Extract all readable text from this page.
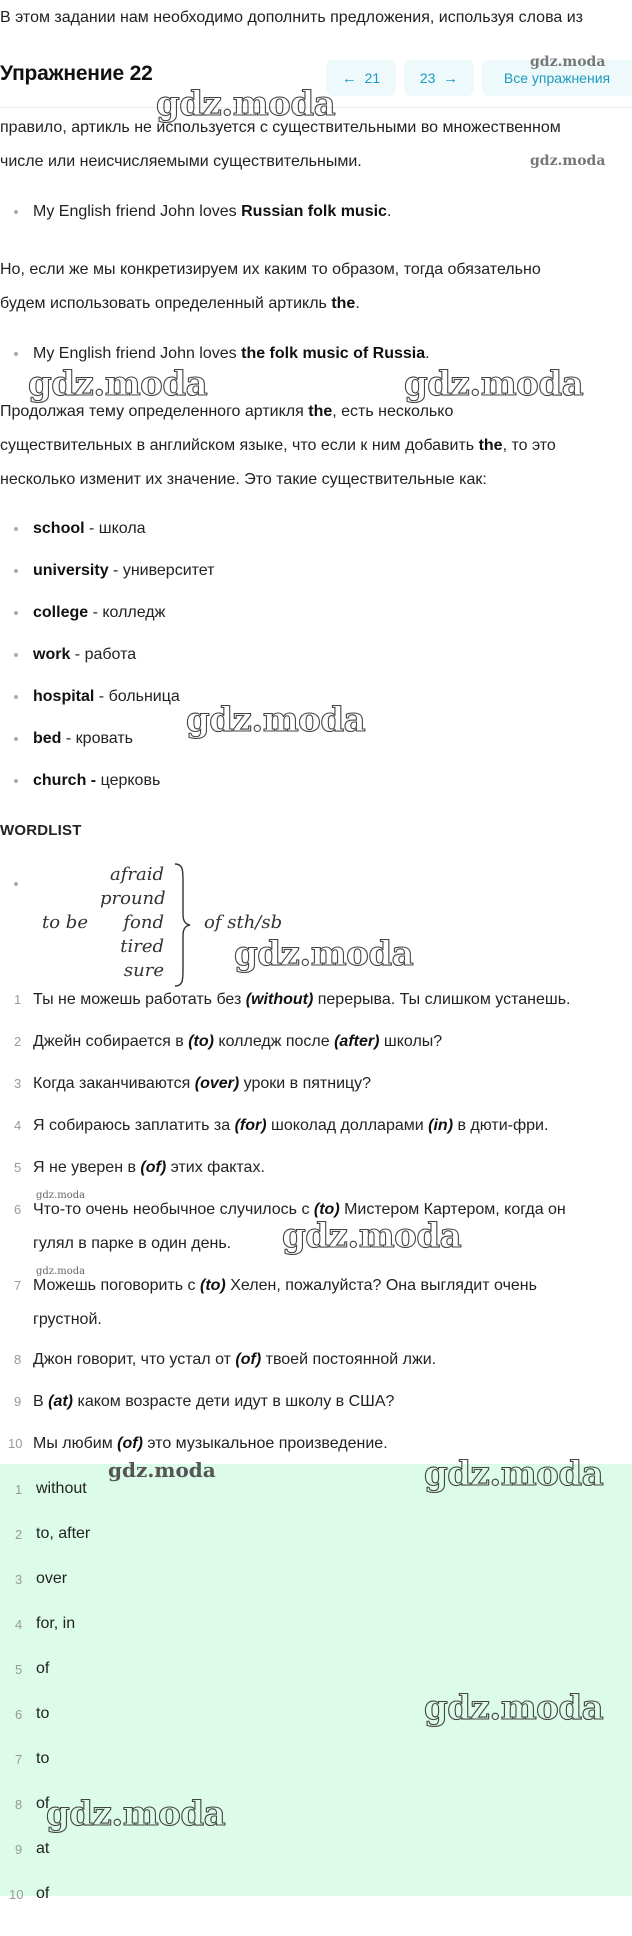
В этом задании нам необходимо дополнить предложения, используя слова из
Упражнение 22	←
21	23
→	Все упражнения
правило, артикль не используется с существительными во множественном
числе или неисчисляемыми существительными.
My English friend John loves Russian folk music.
Но, если же мы конкретизируем их каким то образом, тогда обязательно
будем использовать определенный артикль the.
My English friend John loves the folk music of Russia.
Продолжая тему определенного артикля the, есть несколько
существительных в английском языке, что если к ним добавить the, то это
несколько изменит их значение. Это такие существительные как:
school - школа
university - университет
college - колледж
work - работа
hospital - больница
bed - кровать
church - церковь
WORDLIST
to be
afraid
pround
fond
tired
sure
of sth/sb
1 Ты не можешь работать без (without) перерыва. Ты слишком устанешь.
2 Джейн собирается в (to) колледж после (after) школы?
3 Когда заканчиваются (over) уроки в пятницу?
4 Я собираюсь заплатить за (for) шоколад долларами (in) в дюти-фри.
5 Я не уверен в (of) этих фактах.
6 Что-то очень необычное случилось с (to) Мистером Картером, когда он
гулял в парке в один день.
7 Можешь поговорить с (to) Хелен, пожалуйста? Она выглядит очень
грустной.
8 Джон говорит, что устал от (of) твоей постоянной лжи.
9 В (at) каком возрасте дети идут в школу в США?
10 Мы любим (of) это музыкальное произведение.
1 without
2 to, after
3 over
4 for, in
5 of
6 to
7 to
8 of
9 at
10 of
gdz.moda
gdz.moda
gdz.moda
gdz.moda	gdz.moda
gdz.moda
gdz.moda
gdz.moda
gdz.moda
gdz.moda
gdz.moda	gdz.moda
gdz.moda
gdz.moda
